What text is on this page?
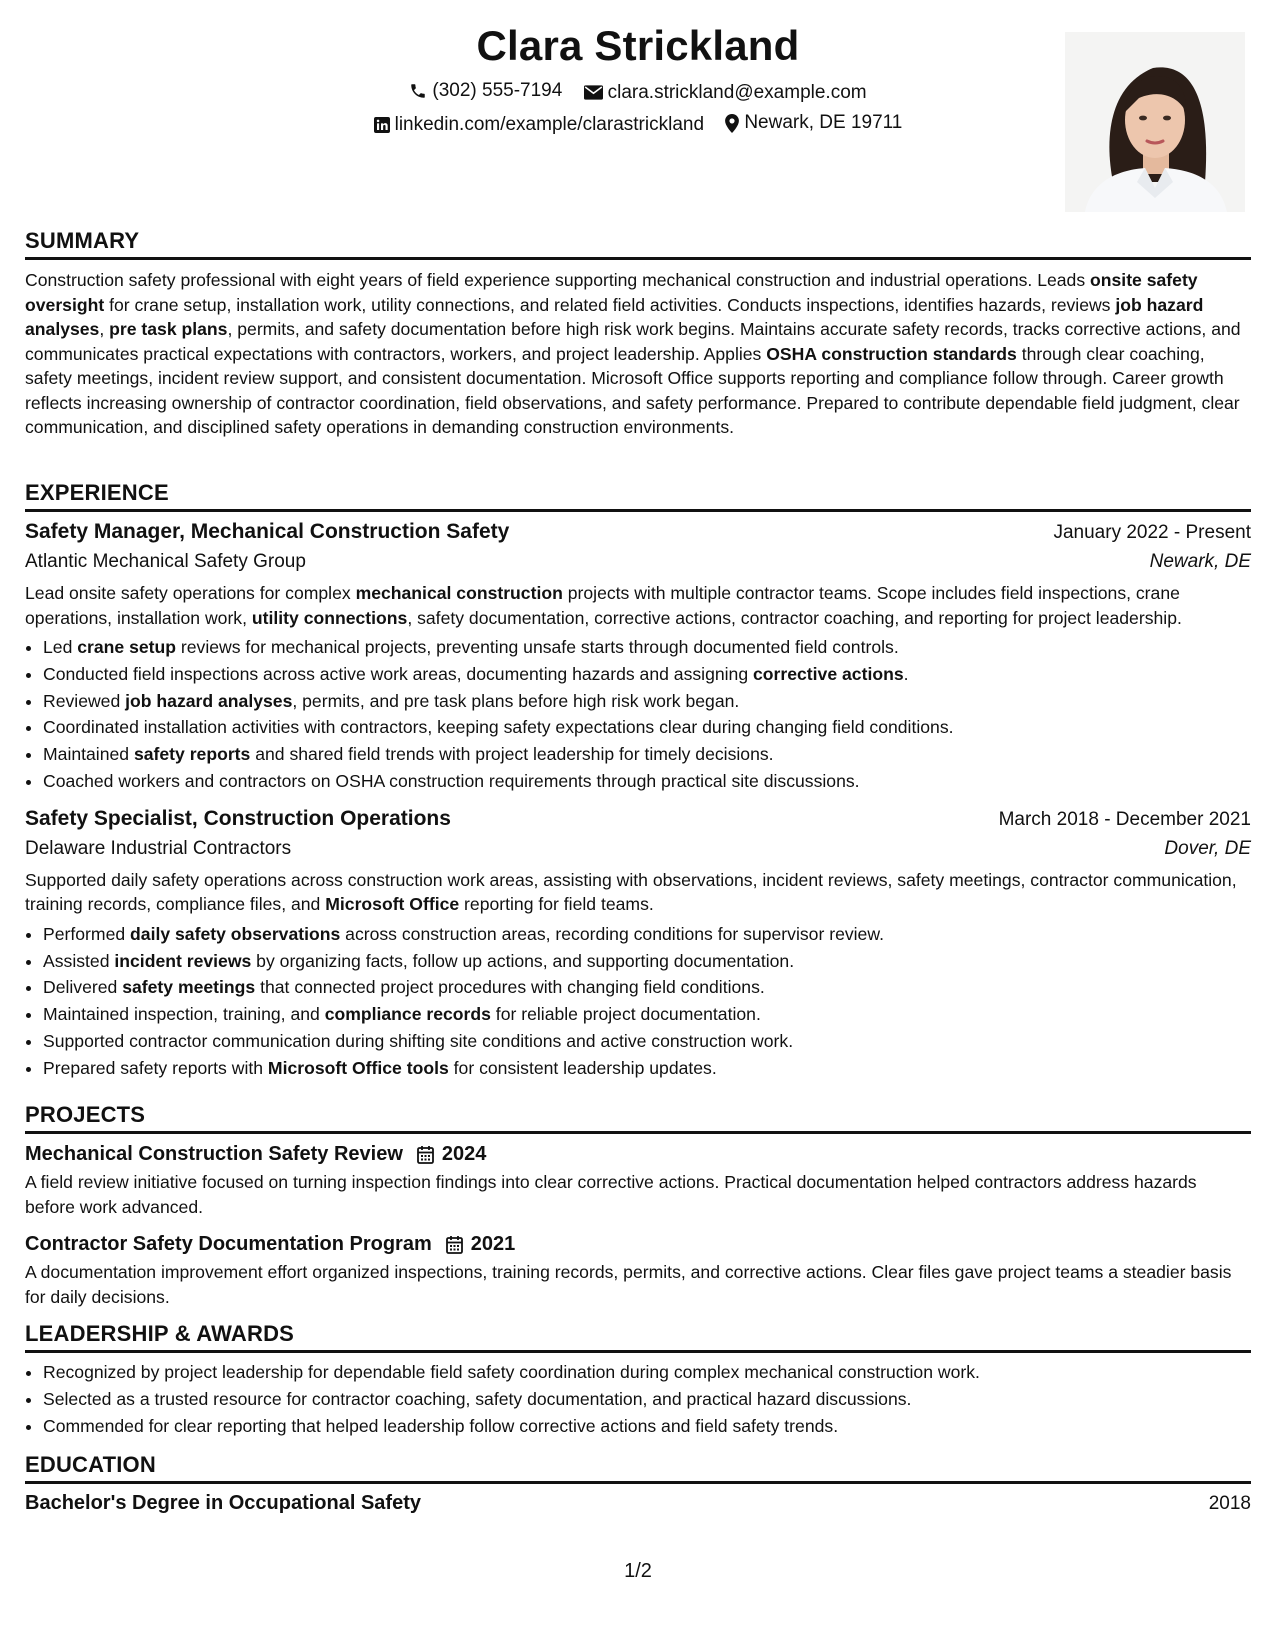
Clara Strickland
(302) 555-7194
clara.strickland@example.com
linkedin.com/example/clarastrickland
Newark, DE 19711
SUMMARY

Construction safety professional with eight years of field experience supporting mechanical construction and industrial operations. Leads onsite safety oversight for crane setup, installation work, utility connections, and related field activities. Conducts inspections, identifies hazards, reviews job hazard analyses, pre task plans, permits, and safety documentation before high risk work begins. Maintains accurate safety records, tracks corrective actions, and communicates practical expectations with contractors, workers, and project leadership. Applies OSHA construction standards through clear coaching, safety meetings, incident review support, and consistent documentation. Microsoft Office supports reporting and compliance follow through. Career growth reflects increasing ownership of contractor coordination, field observations, and safety performance. Prepared to contribute dependable field judgment, clear communication, and disciplined safety operations in demanding construction environments.

EXPERIENCE
Safety Manager, Mechanical Construction Safety	January 2022 - Present
Atlantic Mechanical Safety Group	Newark, DE

Lead onsite safety operations for complex mechanical construction projects with multiple contractor teams. Scope includes field inspections, crane operations, installation work, utility connections, safety documentation, corrective actions, contractor coaching, and reporting for project leadership.

• Led crane setup reviews for mechanical projects, preventing unsafe starts through documented field controls.
• Conducted field inspections across active work areas, documenting hazards and assigning corrective actions.
• Reviewed job hazard analyses, permits, and pre task plans before high risk work began.
• Coordinated installation activities with contractors, keeping safety expectations clear during changing field conditions.
• Maintained safety reports and shared field trends with project leadership for timely decisions.
• Coached workers and contractors on OSHA construction requirements through practical site discussions.
Safety Specialist, Construction Operations	March 2018 - December 2021
Delaware Industrial Contractors	Dover, DE

Supported daily safety operations across construction work areas, assisting with observations, incident reviews, safety meetings, contractor communication, training records, compliance files, and Microsoft Office reporting for field teams.

• Performed daily safety observations across construction areas, recording conditions for supervisor review.
• Assisted incident reviews by organizing facts, follow up actions, and supporting documentation.
• Delivered safety meetings that connected project procedures with changing field conditions.
• Maintained inspection, training, and compliance records for reliable project documentation.
• Supported contractor communication during shifting site conditions and active construction work.
• Prepared safety reports with Microsoft Office tools for consistent leadership updates.
PROJECTS
Mechanical Construction Safety Review 2024

A field review initiative focused on turning inspection findings into clear corrective actions. Practical documentation helped contractors address hazards before work advanced.

Contractor Safety Documentation Program 2021

A documentation improvement effort organized inspections, training records, permits, and corrective actions. Clear files gave project teams a steadier basis for daily decisions.

LEADERSHIP & AWARDS
• Recognized by project leadership for dependable field safety coordination during complex mechanical construction work.
• Selected as a trusted resource for contractor coaching, safety documentation, and practical hazard discussions.
• Commended for clear reporting that helped leadership follow corrective actions and field safety trends.
EDUCATION
Bachelor's Degree in Occupational Safety	2018
1/2
